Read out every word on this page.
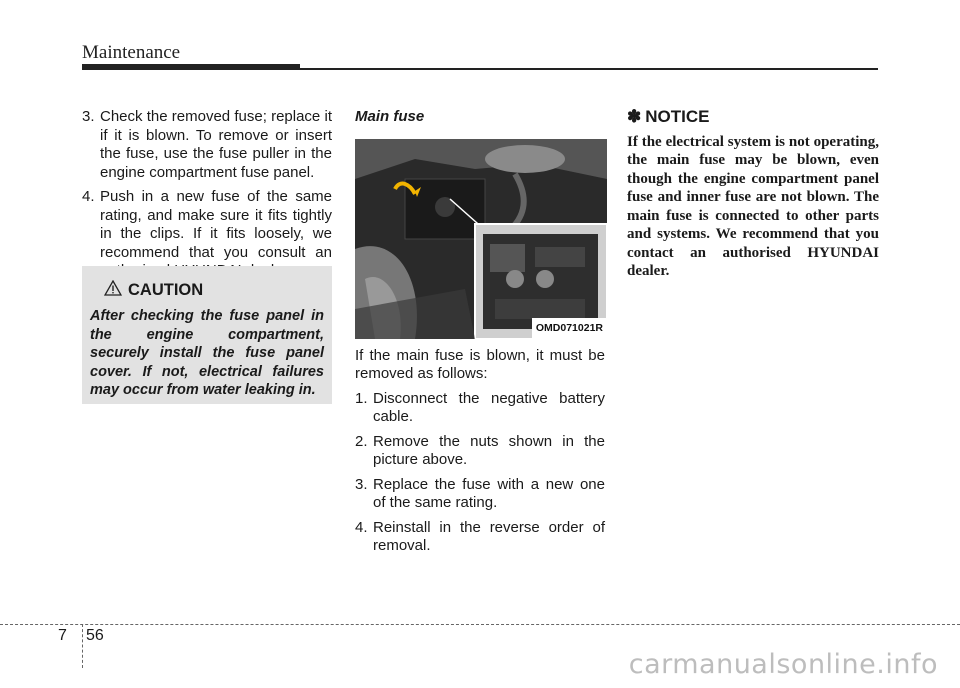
Maintenance
3. Check the removed fuse; replace it if it is blown. To remove or insert the fuse, use the fuse puller in the engine compartment fuse panel.
4. Push in a new fuse of the same rating, and make sure it fits tightly in the clips. If it fits loosely, we recommend that you consult an
CAUTION
After checking the fuse panel in the engine compartment, securely install the fuse panel cover. If not, electrical failures may occur from water leaking in.
Main fuse
OMD071021R
If the main fuse is blown, it must be removed as follows:
1. Disconnect the negative battery cable.
2. Remove the nuts shown in the picture above.
3. Replace the fuse with a new one of the same rating.
4. Reinstall in the reverse order of removal.
✽ NOTICE
If the electrical system is not operating, the main fuse may be blown, even though the engine compartment panel fuse and inner fuse are not blown. The main fuse is connected to other parts and systems. We recommend that you contact an authorised HYUNDAI dealer.
7 56
carmanualsonline.info
